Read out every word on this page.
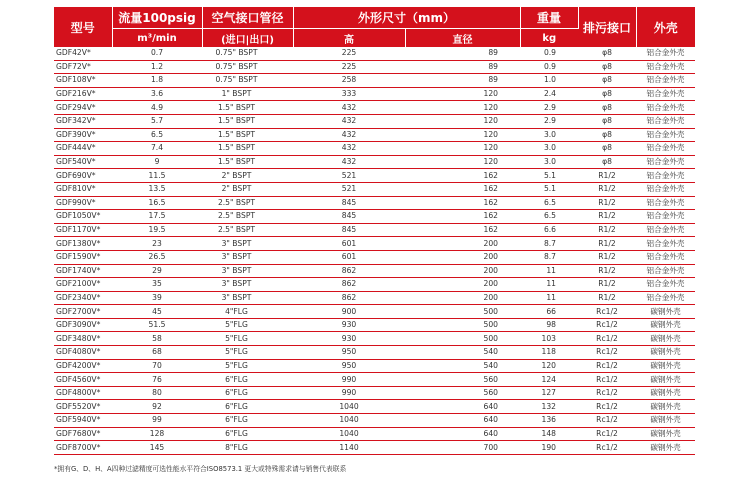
型号	流量100psig	空气接口管径	外形尺寸（mm）		重量	排污接口	外壳
	m³/min	(进口|出口)	高	直径	kg		
GDF42V*	0.7	0.75" BSPT	225	89	0.9	φ8	铝合金外壳
GDF72V*	1.2	0.75" BSPT	225	89	0.9	φ8	铝合金外壳
GDF108V*	1.8	0.75" BSPT	258	89	1.0	φ8	铝合金外壳
GDF216V*	3.6	1" BSPT	333	120	2.4	φ8	铝合金外壳
GDF294V*	4.9	1.5" BSPT	432	120	2.9	φ8	铝合金外壳
GDF342V*	5.7	1.5" BSPT	432	120	2.9	φ8	铝合金外壳
GDF390V*	6.5	1.5" BSPT	432	120	3.0	φ8	铝合金外壳
GDF444V*	7.4	1.5" BSPT	432	120	3.0	φ8	铝合金外壳
GDF540V*	9	1.5" BSPT	432	120	3.0	φ8	铝合金外壳
GDF690V*	11.5	2" BSPT	521	162	5.1	R1/2	铝合金外壳
GDF810V*	13.5	2" BSPT	521	162	5.1	R1/2	铝合金外壳
GDF990V*	16.5	2.5" BSPT	845	162	6.5	R1/2	铝合金外壳
GDF1050V*	17.5	2.5" BSPT	845	162	6.5	R1/2	铝合金外壳
GDF1170V*	19.5	2.5" BSPT	845	162	6.6	R1/2	铝合金外壳
GDF1380V*	23	3" BSPT	601	200	8.7	R1/2	铝合金外壳
GDF1590V*	26.5	3" BSPT	601	200	8.7	R1/2	铝合金外壳
GDF1740V*	29	3" BSPT	862	200	11	R1/2	铝合金外壳
GDF2100V*	35	3" BSPT	862	200	11	R1/2	铝合金外壳
GDF2340V*	39	3" BSPT	862	200	11	R1/2	铝合金外壳
GDF2700V*	45	4"FLG	900	500	66	Rc1/2	碳钢外壳
GDF3090V*	51.5	5"FLG	930	500	98	Rc1/2	碳钢外壳
GDF3480V*	58	5"FLG	930	500	103	Rc1/2	碳钢外壳
GDF4080V*	68	5"FLG	950	540	118	Rc1/2	碳钢外壳
GDF4200V*	70	5"FLG	950	540	120	Rc1/2	碳钢外壳
GDF4560V*	76	6"FLG	990	560	124	Rc1/2	碳钢外壳
GDF4800V*	80	6"FLG	990	560	127	Rc1/2	碳钢外壳
GDF5520V*	92	6"FLG	1040	640	132	Rc1/2	碳钢外壳
GDF5940V*	99	6"FLG	1040	640	136	Rc1/2	碳钢外壳
GDF7680V*	128	6"FLG	1040	640	148	Rc1/2	碳钢外壳
GDF8700V*	145	8"FLG	1140	700	190	Rc1/2	碳钢外壳
*拥有G、D、H、A四种过滤精度可选性能水平符合ISO8573.1 更大或特殊需求请与销售代表联系
